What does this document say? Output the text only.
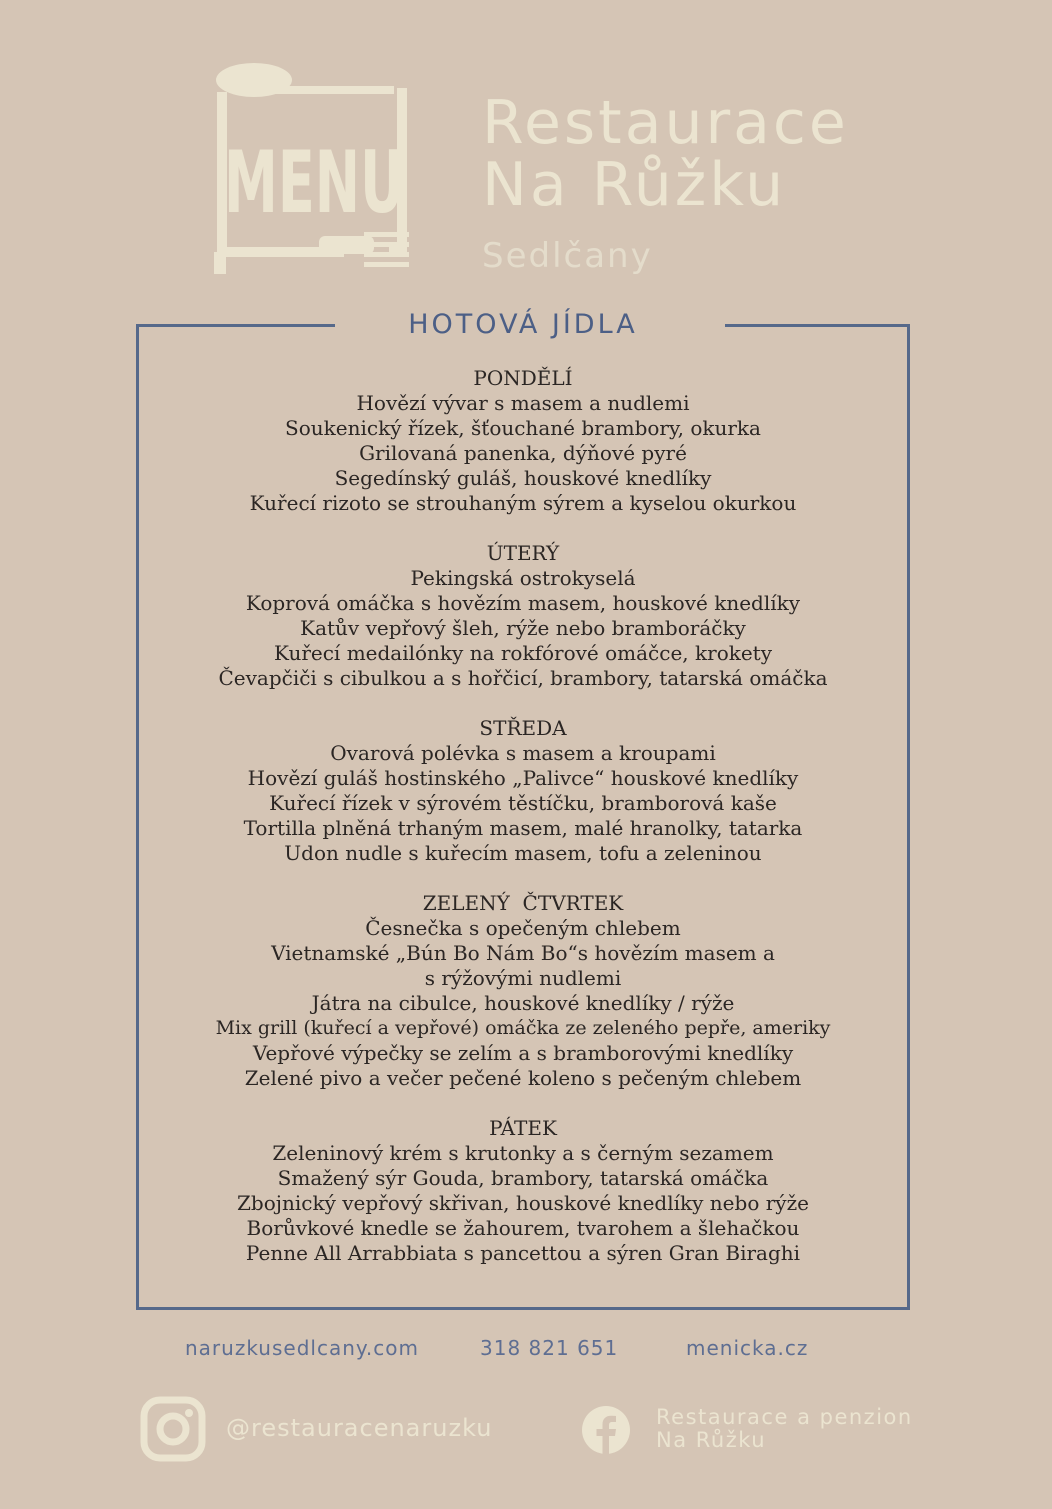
MENU
Restaurace
Na Růžku
Sedlčany
HOTOVÁ JÍDLA
PONDĚLÍ
Hovězí vývar s masem a nudlemi
Soukenický řízek, šťouchané brambory, okurka
Grilovaná panenka, dýňové pyré
Segedínský guláš, houskové knedlíky
Kuřecí rizoto se strouhaným sýrem a kyselou okurkou
ÚTERÝ
Pekingská ostrokyselá
Koprová omáčka s hovězím masem, houskové knedlíky
Katův vepřový šleh, rýže nebo bramboráčky
Kuřecí medailónky na rokfórové omáčce, krokety
Čevapčiči s cibulkou a s hořčicí, brambory, tatarská omáčka
STŘEDA
Ovarová polévka s masem a kroupami
Hovězí guláš hostinského „Palivce“ houskové knedlíky
Kuřecí řízek v sýrovém těstíčku, bramborová kaše
Tortilla plněná trhaným masem, malé hranolky, tatarka
Udon nudle s kuřecím masem, tofu a zeleninou
ZELENÝ  ČTVRTEK
Česnečka s opečeným chlebem
Vietnamské „Bún Bo Nám Bo“s hovězím masem a
s rýžovými nudlemi
Játra na cibulce, houskové knedlíky / rýže
Mix grill (kuřecí a vepřové) omáčka ze zeleného pepře, ameriky
Vepřové výpečky se zelím a s bramborovými knedlíky
Zelené pivo a večer pečené koleno s pečeným chlebem
PÁTEK
Zeleninový krém s krutonky a s černým sezamem
Smažený sýr Gouda, brambory, tatarská omáčka
Zbojnický vepřový skřivan, houskové knedlíky nebo rýže
Borůvkové knedle se žahourem, tvarohem a šlehačkou
Penne All Arrabbiata s pancettou a sýren Gran Biraghi
naruzkusedlcany.com	318 821 651	menicka.cz
@restauracenaruzku	Restaurace a penzion
Na Růžku
